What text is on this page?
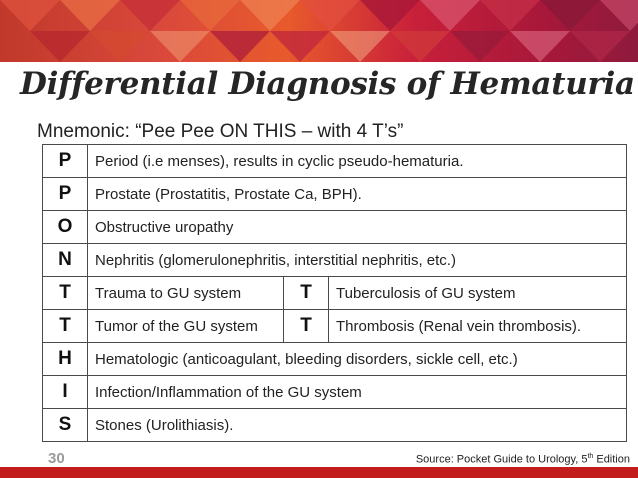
Differential Diagnosis of Hematuria
Mnemonic: “Pee Pee ON THIS – with 4 T’s”
P	Period (i.e menses), results in cyclic pseudo-hematuria.		
P	Prostate (Prostatitis, Prostate Ca, BPH).		
O	Obstructive uropathy		
N	Nephritis (glomerulonephritis, interstitial nephritis, etc.)		
T	Trauma to GU system	T	Tuberculosis of GU system
T	Tumor of the GU system	T	Thrombosis (Renal vein thrombosis).
H	Hematologic (anticoagulant, bleeding disorders, sickle cell, etc.)		
I	Infection/Inflammation of the GU system		
S	Stones (Urolithiasis).		
30	Source: Pocket Guide to Urology, 5th Edition
